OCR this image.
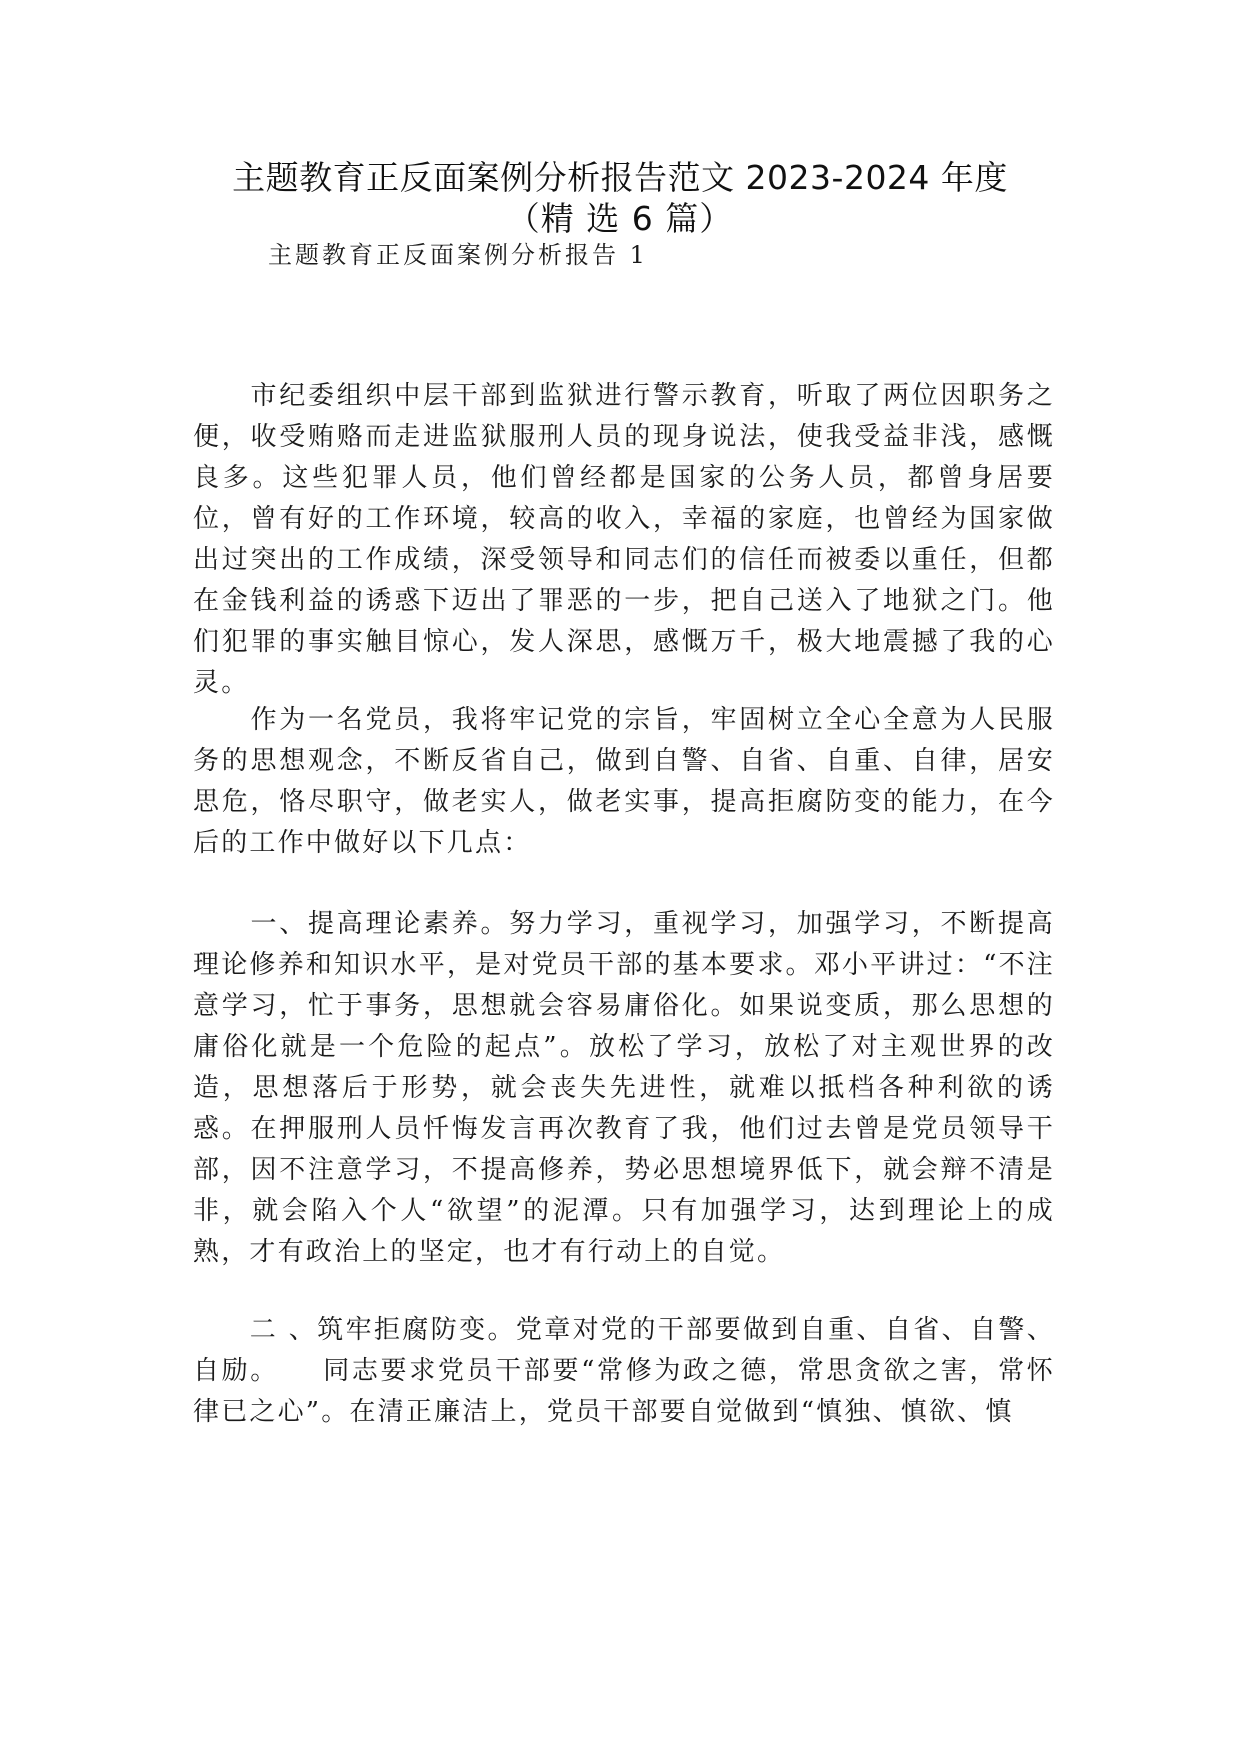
主题教育正反面案例分析报告范文 2023-2024 年度
（精 选 6 篇）

主题教育正反面案例分析报告 1

　　市纪委组织中层干部到监狱进行警示教育，听取了两位因职务之便，收受贿赂而走进监狱服刑人员的现身说法，使我受益非浅，感慨良多。这些犯罪人员，他们曾经都是国家的公务人员，都曾身居要位，曾有好的工作环境，较高的收入，幸福的家庭，也曾经为国家做出过突出的工作成绩，深受领导和同志们的信任而被委以重任，但都在金钱利益的诱惑下迈出了罪恶的一步，把自己送入了地狱之门。他们犯罪的事实触目惊心，发人深思，感慨万千，极大地震撼了我的心灵。

　　作为一名党员，我将牢记党的宗旨，牢固树立全心全意为人民服务的思想观念，不断反省自己，做到自警、自省、自重、自律，居安思危，恪尽职守，做老实人，做老实事，提高拒腐防变的能力，在今后的工作中做好以下几点：

　　一、提高理论素养。努力学习，重视学习，加强学习，不断提高理论修养和知识水平，是对党员干部的基本要求。邓小平讲过：“不注意学习，忙于事务，思想就会容易庸俗化。如果说变质，那么思想的庸俗化就是一个危险的起点”。放松了学习，放松了对主观世界的改造，思想落后于形势，就会丧失先进性，就难以抵档各种利欲的诱惑。在押服刑人员忏悔发言再次教育了我，他们过去曾是党员领导干部，因不注意学习，不提高修养，势必思想境界低下，就会辩不清是非，就会陷入个人“欲望”的泥潭。只有加强学习，达到理论上的成熟，才有政治上的坚定，也才有行动上的自觉。

　　二 、筑牢拒腐防变。党章对党的干部要做到自重、自省、自警、自励。　　同志要求党员干部要“常修为政之德，常思贪欲之害，常怀律已之心”。在清正廉洁上，党员干部要自觉做到“慎独、慎欲、慎
